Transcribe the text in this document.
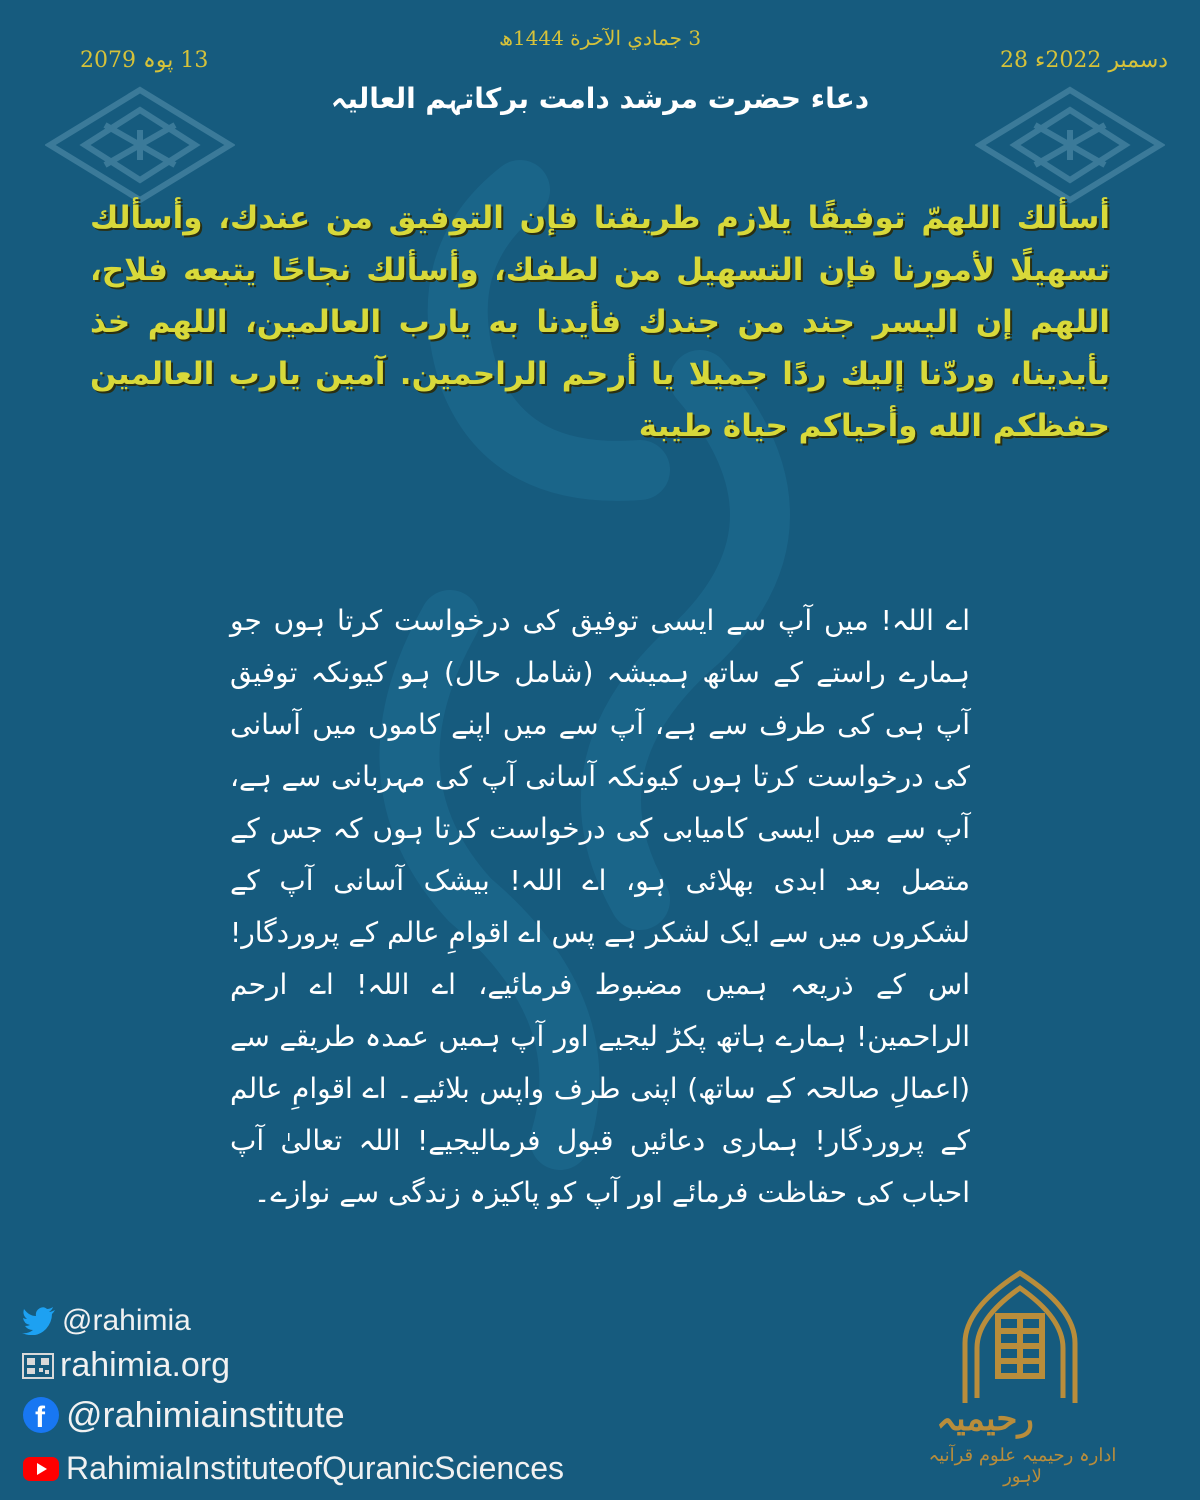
28 دسمبر 2022ء
3 جمادي الآخرة 1444ھ
13 پوہ 2079
دعاء حضرت مرشد دامت برکاتہم العالیہ
أسألك اللهمّ توفيقًا يلازم طريقنا فإن التوفيق من عندك، وأسألك تسهيلًا لأمورنا فإن التسهيل من لطفك، وأسألك نجاحًا يتبعه فلاح، اللهم إن اليسر جند من جندك فأيدنا به يارب العالمين، اللهم خذ بأيدينا، وردّنا إليك ردًا جميلا يا أرحم الراحمين. آمين يارب العالمين حفظكم الله وأحياكم حياة طيبة
اے اللہ! میں آپ سے ایسی توفیق کی درخواست کرتا ہوں جو ہمارے راستے کے ساتھ ہمیشہ (شامل حال) ہو کیونکہ توفیق آپ ہی کی طرف سے ہے، آپ سے میں اپنے کاموں میں آسانی کی درخواست کرتا ہوں کیونکہ آسانی آپ کی مہربانی سے ہے، آپ سے میں ایسی کامیابی کی درخواست کرتا ہوں کہ جس کے متصل بعد ابدی بھلائی ہو، اے اللہ! بیشک آسانی آپ کے لشکروں میں سے ایک لشکر ہے پس اے اقوامِ عالم کے پروردگار! اس کے ذریعہ ہمیں مضبوط فرمائیے، اے اللہ! اے ارحم الراحمین! ہمارے ہاتھ پکڑ لیجیے اور آپ ہمیں عمدہ طریقے سے (اعمالِ صالحہ کے ساتھ) اپنی طرف واپس بلائیے۔ اے اقوامِ عالم کے پروردگار! ہماری دعائیں قبول فرمالیجیے! اللہ تعالیٰ آپ احباب کی حفاظت فرمائے اور آپ کو پاکیزہ زندگی سے نوازے۔
@rahimia
rahimia.org
f @rahimiainstitute
RahimiaInstituteofQuranicSciences
رحیمیہ
ادارہ رحیمیہ علوم قرآنیہ لاہور
